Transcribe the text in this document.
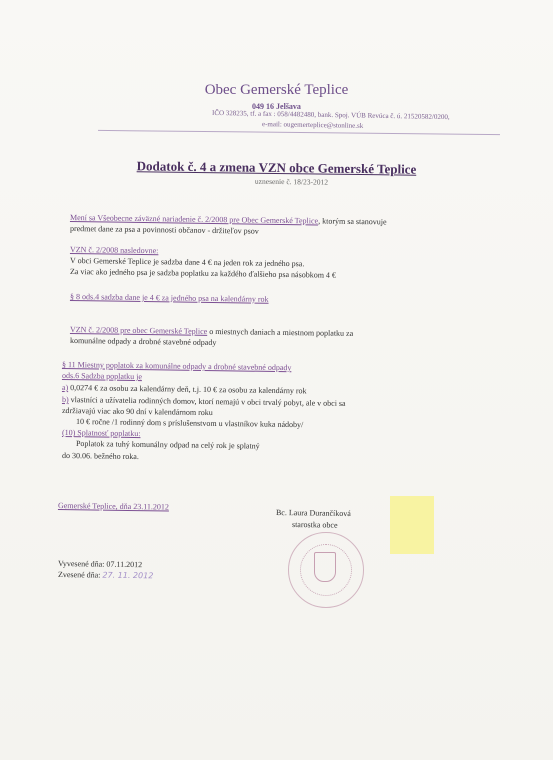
Obec Gemerské Teplice
049 16 Jelšava
IČO 328235, tf. a fax : 058/4482480, bank. Spoj. VÚB Revúca č. ú. 21520582/0200,
e-mail: ougemerteplice@stonline.sk
Dodatok č. 4 a zmena VZN obce Gemerské Teplice
uznesenie č. 18/23-2012
Mení sa Všeobecne záväzné nariadenie č. 2/2008 pre Obec Gemerské Teplice, ktorým sa stanovuje
predmet dane za psa a povinnosti občanov - držiteľov psov
VZN č. 2/2008 nasledovne:
V obci Gemerské Teplice je sadzba dane 4 € na jeden rok za jedného psa.
Za viac ako jedného psa je sadzba poplatku za každého ďalšieho psa násobkom 4 €
§ 8 ods.4 sadzba dane je 4 € za jedného psa na kalendárny rok
VZN č. 2/2008 pre obec Gemerské Teplice o miestnych daniach a miestnom poplatku za
komunálne odpady a drobné stavebné odpady
§ 11 Miestny poplatok za komunálne odpady a drobné stavebné odpady
ods.6 Sadzba poplatku je
a) 0,0274 € za osobu za kalendárny deň, t.j. 10 € za osobu za kalendárny rok
b) vlastníci a užívatelia rodinných domov, ktorí nemajú v obci trvalý pobyt, ale v obci sa
zdržiavajú viac ako 90 dní v kalendárnom roku
10 € ročne /1 rodinný dom s príslušenstvom u vlastníkov kuka nádoby/
(10) Splatnosť poplatku:
Poplatok za tuhý komunálny odpad na celý rok je splatný
do 30.06. bežného roka.
Gemerské Teplice, dňa 23.11.2012
Bc. Laura Durančíková
starostka obce
Vyvesené dňa: 07.11.2012
Zvesené dňa: 27. 11. 2012
